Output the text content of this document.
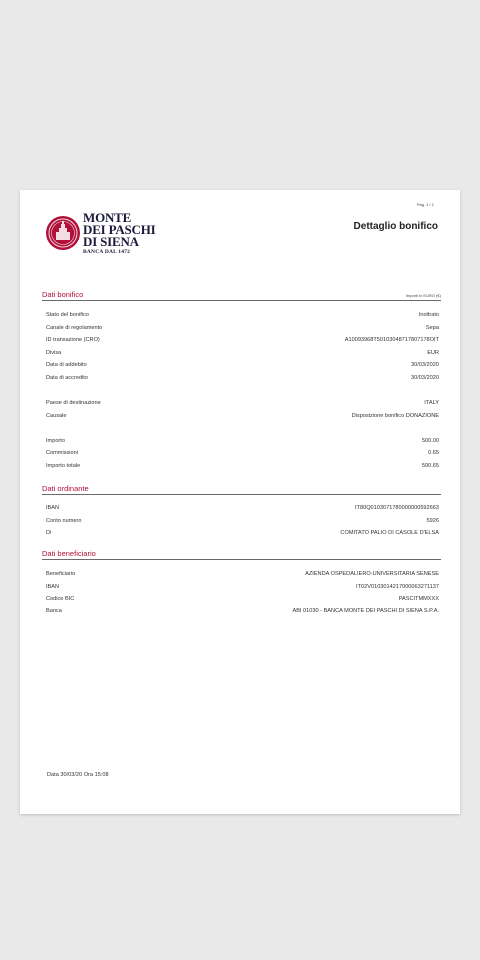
Pag. 1 / 1
MONTE
DEI PASCHI
DI SIENA
BANCA DAL 1472
Dettaglio bonifico
Dati bonifico	Importi in EURO (€)
Stato del bonifico	Inoltrato
Canale di regolamento	Sepa
ID transazione (CRO)	A10093968T50103048717807178OIT
Divisa	EUR
Data di addebito	30/03/2020
Data di accredito	30/03/2020
Paese di destinazione	ITALY
Causale	Disposizione bonifico DONAZIONE
Importo	500.00
Commissioni	0.65
Importo totale	500.65
Dati ordinante
IBAN	IT80Q0103071780000000592663
Conto numero	5926
Di	COMITATO PALIO DI CASOLE D'ELSA
Dati beneficiario
Beneficiario	AZIENDA OSPEDALIERO-UNIVERSITARIA SENESE
IBAN	IT02V0103014217000063271137
Codice BIC	PASCITMMXXX
Banca	ABI 01030 - BANCA MONTE DEI PASCHI DI SIENA S.P.A.
Data 30/03/20 Ora 15:08
